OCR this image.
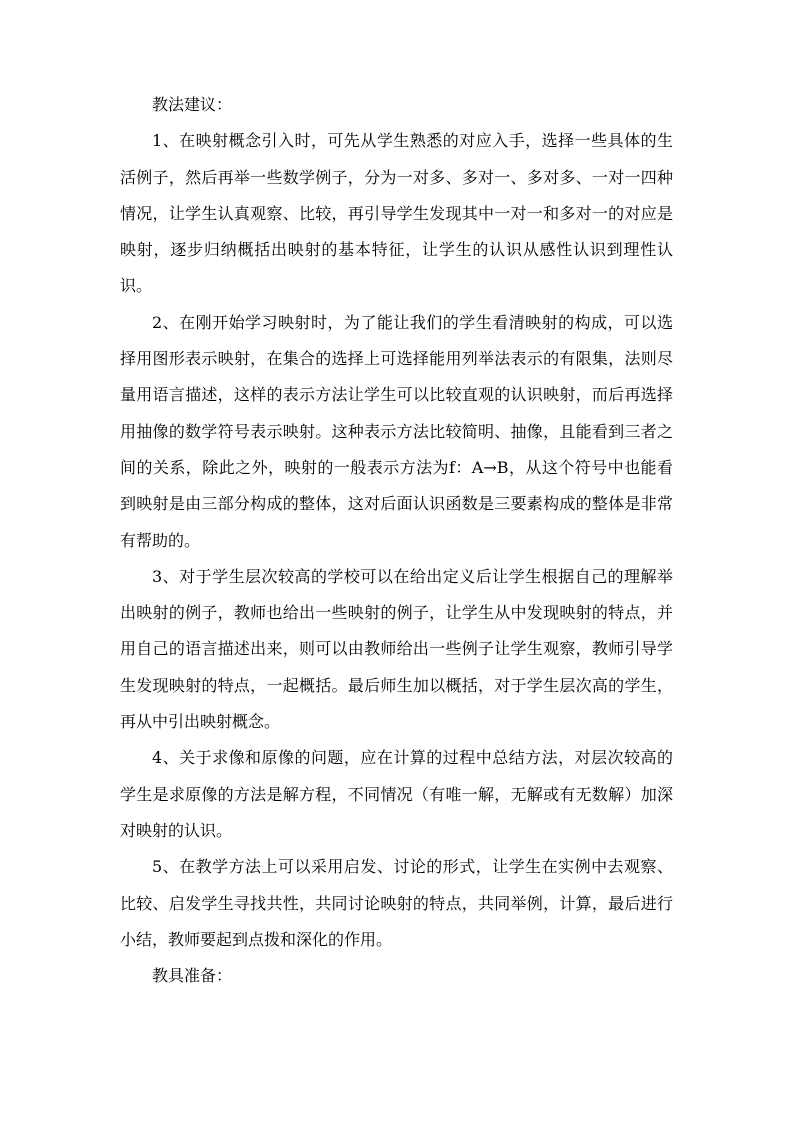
教法建议：

1、在映射概念引入时，可先从学生熟悉的对应入手，选择一些具体的生活例子，然后再举一些数学例子，分为一对多、多对一、多对多、一对一四种情况，让学生认真观察、比较，再引导学生发现其中一对一和多对一的对应是映射，逐步归纳概括出映射的基本特征，让学生的认识从感性认识到理性认识。

2、在刚开始学习映射时，为了能让我们的学生看清映射的构成，可以选择用图形表示映射，在集合的选择上可选择能用列举法表示的有限集，法则尽量用语言描述，这样的表示方法让学生可以比较直观的认识映射，而后再选择用抽像的数学符号表示映射。这种表示方法比较简明、抽像，且能看到三者之间的关系，除此之外，映射的一般表示方法为f：A→B，从这个符号中也能看到映射是由三部分构成的整体，这对后面认识函数是三要素构成的整体是非常有帮助的。

3、对于学生层次较高的学校可以在给出定义后让学生根据自己的理解举出映射的例子，教师也给出一些映射的例子，让学生从中发现映射的特点，并用自己的语言描述出来，则可以由教师给出一些例子让学生观察，教师引导学生发现映射的特点，一起概括。最后师生加以概括，对于学生层次高的学生，再从中引出映射概念。

4、关于求像和原像的问题，应在计算的过程中总结方法，对层次较高的学生是求原像的方法是解方程，不同情况（有唯一解，无解或有无数解）加深对映射的认识。

5、在教学方法上可以采用启发、讨论的形式，让学生在实例中去观察、比较、启发学生寻找共性，共同讨论映射的特点，共同举例，计算，最后进行小结，教师要起到点拨和深化的作用。

教具准备：
